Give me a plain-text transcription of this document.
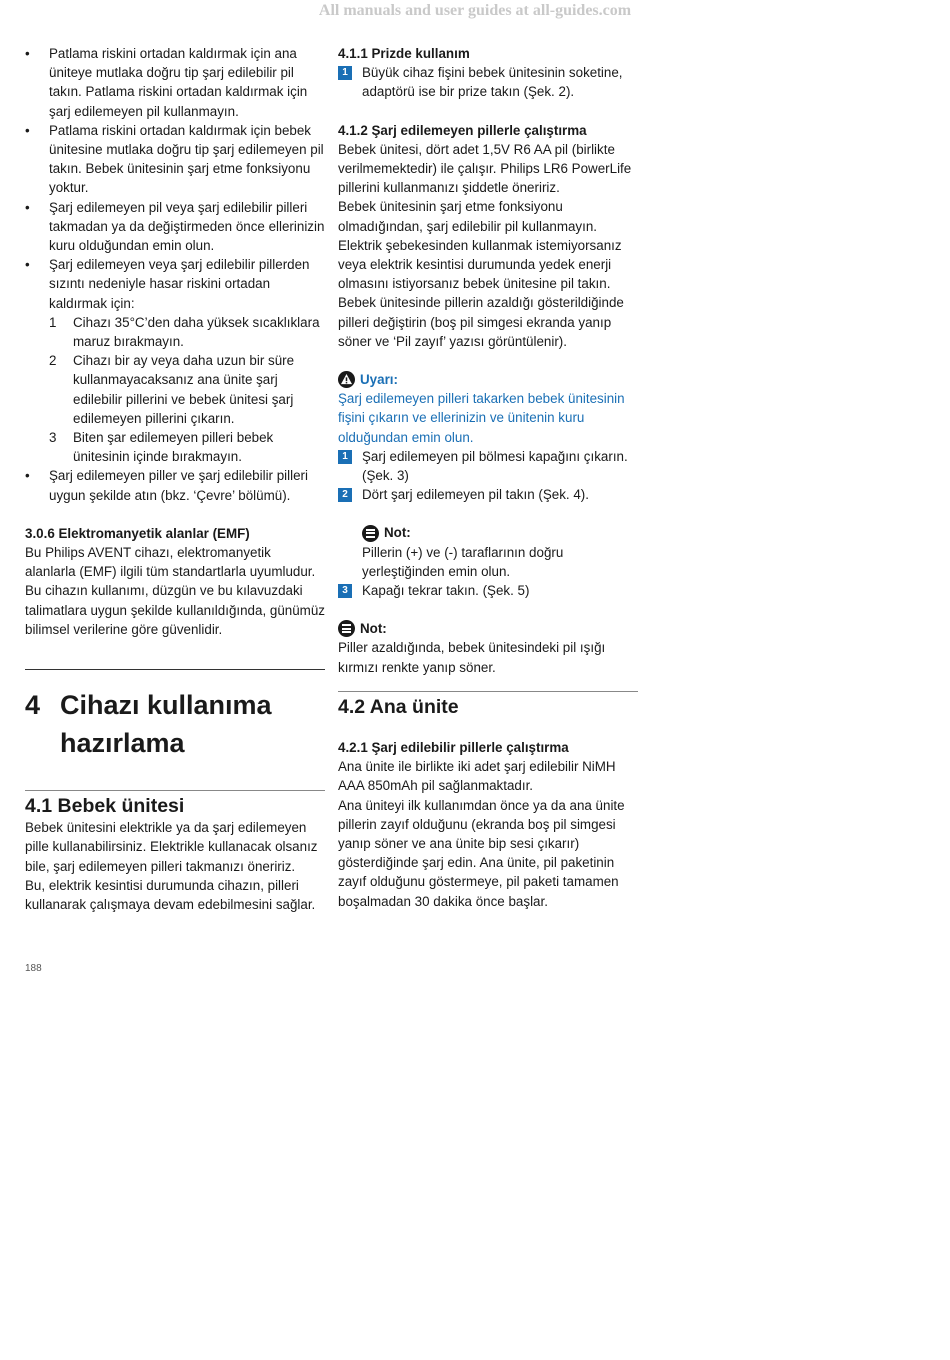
All manuals and user guides at all-guides.com
• Patlama riskini ortadan kaldırmak için ana üniteye mutlaka doğru tip şarj edilebilir pil takın. Patlama riskini ortadan kaldırmak için şarj edilemeyen pil kullanmayın.
• Patlama riskini ortadan kaldırmak için bebek ünitesine mutlaka doğru tip şarj edilemeyen pil takın. Bebek ünitesinin şarj etme fonksiyonu yoktur.
• Şarj edilemeyen pil veya şarj edilebilir pilleri takmadan ya da değiştirmeden önce ellerinizin kuru olduğundan emin olun.
• Şarj edilemeyen veya şarj edilebilir pillerden sızıntı nedeniyle hasar riskini ortadan kaldırmak için:
1 Cihazı 35°C’den daha yüksek sıcaklıklara maruz bırakmayın.
2 Cihazı bir ay veya daha uzun bir süre kullanmayacaksanız ana ünite şarj edilebilir pillerini ve bebek ünitesi şarj edilemeyen pillerini çıkarın.
3 Biten şar edilemeyen pilleri bebek ünitesinin içinde bırakmayın.
• Şarj edilemeyen piller ve şarj edilebilir pilleri uygun şekilde atın (bkz. ‘Çevre’ bölümü).

3.0.6 Elektromanyetik alanlar (EMF)

Bu Philips AVENT cihazı, elektromanyetik alanlarla (EMF) ilgili tüm standartlarla uyumludur. Bu cihazın kullanımı, düzgün ve bu kılavuzdaki talimatlara uygun şekilde kullanıldığında, günümüz bilimsel verilerine göre güvenlidir.

4 Cihazı kullanıma hazırlama
4.1 Bebek ünitesi

Bebek ünitesini elektrikle ya da şarj edilemeyen pille kullanabilirsiniz. Elektrikle kullanacak olsanız bile, şarj edilemeyen pilleri takmanızı öneririz.

Bu, elektrik kesintisi durumunda cihazın, pilleri kullanarak çalışmaya devam edebilmesini sağlar.

4.1.1 Prizde kullanım

1	Büyük cihaz fişini bebek ünitesinin soketine, adaptörü ise bir prize takın (Şek. 2).

4.1.2 Şarj edilemeyen pillerle çalıştırma

Bebek ünitesi, dört adet 1,5V R6 AA pil (birlikte verilmemektedir) ile çalışır. Philips LR6 PowerLife pillerini kullanmanızı şiddetle öneririz.

Bebek ünitesinin şarj etme fonksiyonu olmadığından, şarj edilebilir pil kullanmayın.

Elektrik şebekesinden kullanmak istemiyorsanız veya elektrik kesintisi durumunda yedek enerji olmasını istiyorsanız bebek ünitesine pil takın.

Bebek ünitesinde pillerin azaldığı gösterildiğinde pilleri değiştirin (boş pil simgesi ekranda yanıp söner ve ‘Pil zayıf’ yazısı görüntülenir).

Uyarı:

Şarj edilemeyen pilleri takarken bebek ünitesinin fişini çıkarın ve ellerinizin ve ünitenin kuru olduğundan emin olun.

1	Şarj edilemeyen pil bölmesi kapağını çıkarın. (Şek. 3)
2	Dört şarj edilemeyen pil takın (Şek. 4).
Not:

Pillerin (+) ve (-) taraflarının doğru yerleştiğinden emin olun.

3	Kapağı tekrar takın. (Şek. 5)
Not:

Piller azaldığında, bebek ünitesindeki pil ışığı kırmızı renkte yanıp söner.

4.2 Ana ünite

4.2.1 Şarj edilebilir pillerle çalıştırma

Ana ünite ile birlikte iki adet şarj edilebilir NiMH AAA 850mAh pil sağlanmaktadır.

Ana üniteyi ilk kullanımdan önce ya da ana ünite pillerin zayıf olduğunu (ekranda boş pil simgesi yanıp söner ve ana ünite bip sesi çıkarır) gösterdiğinde şarj edin. Ana ünite, pil paketinin zayıf olduğunu göstermeye, pil paketi tamamen boşalmadan 30 dakika önce başlar.

188
